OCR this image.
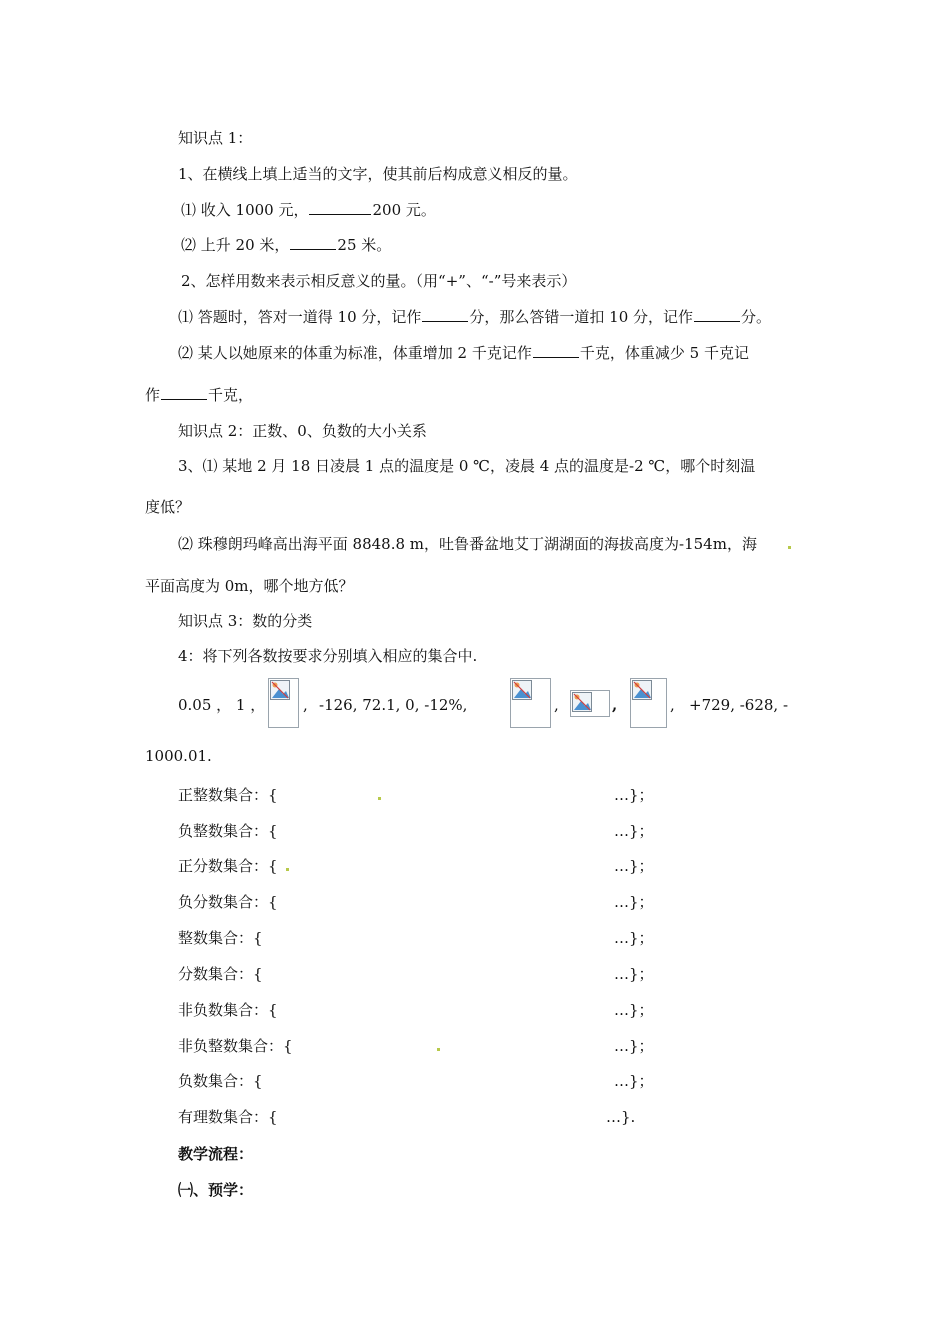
知识点 1：
1、在横线上填上适当的文字，使其前后构成意义相反的量。
⑴ 收入 1000 元，	200 元。
⑵ 上升 20 米，	25 米。
2、怎样用数来表示相反意义的量。（用“+”、“-”号来表示）
⑴ 答题时，答对一道得 10 分，记作	分，那么答错一道扣 10 分，记作	分。
⑵ 某人以她原来的体重为标准，体重增加 2 千克记作	千克，体重减少 5 千克记
作	千克，
知识点 2：正数、0、负数的大小关系
3、⑴ 某地 2 月 18 日凌晨 1 点的温度是 0 ℃，凌晨 4 点的温度是-2 ℃，哪个时刻温
度低？
⑵ 珠穆朗玛峰高出海平面 8848.8 m，吐鲁番盆地艾丁湖湖面的海拔高度为-154m，海
平面高度为 0m，哪个地方低？
知识点 3：数的分类
4：将下列各数按要求分别填入相应的集合中.
0.05 ， 1 ，	, -126, 72.1, 0, -12%,	,	,	, +729, -628, -
1000.01.
正整数集合：{	…}；
负整数集合：{	…}；
正分数集合：{	…}；
负分数集合：{	…}；
整数集合：{	…}；
分数集合：{	…}；
非负数集合：{	…}；
非负整数集合：{	…}；
负数集合：{	…}；
有理数集合：{	…}.
教学流程：
㈠、预学：
